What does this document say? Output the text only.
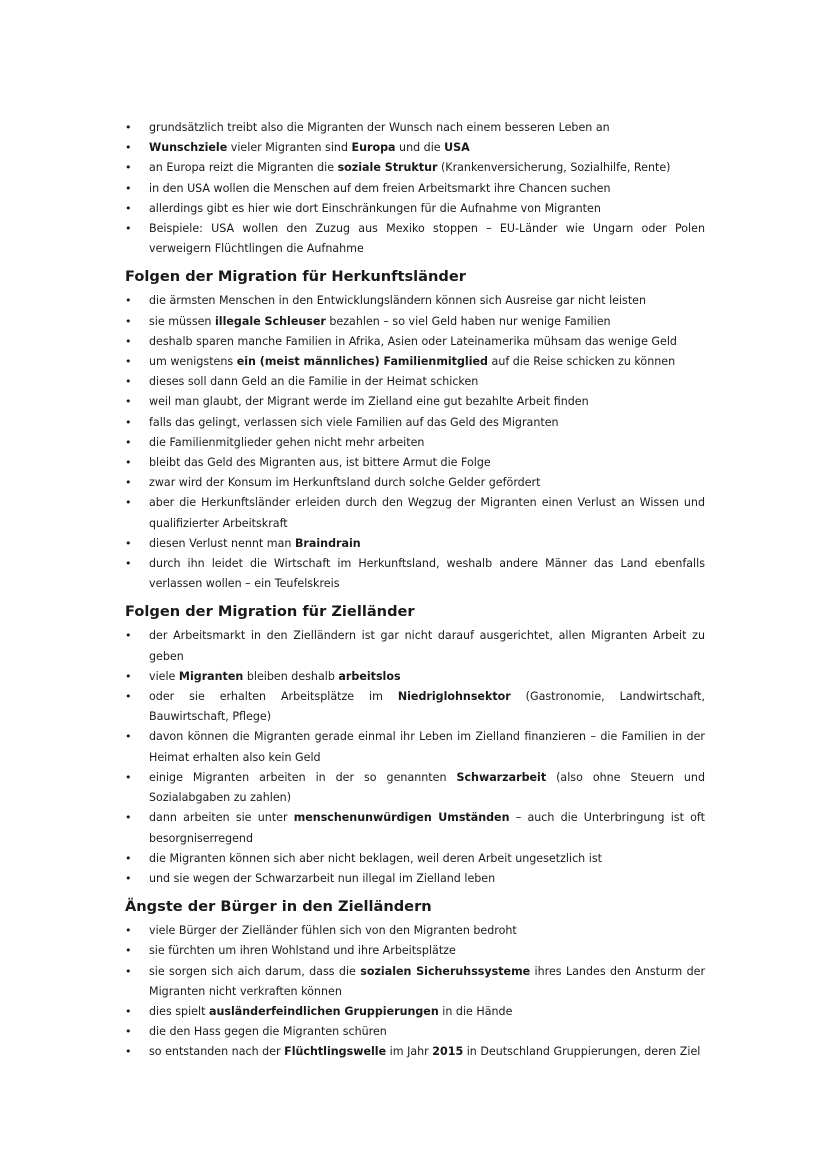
• grundsätzlich treibt also die Migranten der Wunsch nach einem besseren Leben an
• Wunschziele vieler Migranten sind Europa und die USA
• an Europa reizt die Migranten die soziale Struktur (Krankenversicherung, Sozialhilfe, Rente)
• in den USA wollen die Menschen auf dem freien Arbeitsmarkt ihre Chancen suchen
• allerdings gibt es hier wie dort Einschränkungen für die Aufnahme von Migranten
• Beispiele: USA wollen den Zuzug aus Mexiko stoppen – EU-Länder wie Ungarn oder Polen verweigern Flüchtlingen die Aufnahme
Folgen der Migration für Herkunftsländer
• die ärmsten Menschen in den Entwicklungsländern können sich Ausreise gar nicht leisten
• sie müssen illegale Schleuser bezahlen – so viel Geld haben nur wenige Familien
• deshalb sparen manche Familien in Afrika, Asien oder Lateinamerika mühsam das wenige Geld
• um wenigstens ein (meist männliches) Familienmitglied auf die Reise schicken zu können
• dieses soll dann Geld an die Familie in der Heimat schicken
• weil man glaubt, der Migrant werde im Zielland eine gut bezahlte Arbeit finden
• falls das gelingt, verlassen sich viele Familien auf das Geld des Migranten
• die Familienmitglieder gehen nicht mehr arbeiten
• bleibt das Geld des Migranten aus, ist bittere Armut die Folge
• zwar wird der Konsum im Herkunftsland durch solche Gelder gefördert
• aber die Herkunftsländer erleiden durch den Wegzug der Migranten einen Verlust an Wissen und qualifizierter Arbeitskraft
• diesen Verlust nennt man Braindrain
• durch ihn leidet die Wirtschaft im Herkunftsland, weshalb andere Männer das Land ebenfalls verlassen wollen – ein Teufelskreis
Folgen der Migration für Zielländer
• der Arbeitsmarkt in den Zielländern ist gar nicht darauf ausgerichtet, allen Migranten Arbeit zu geben
• viele Migranten bleiben deshalb arbeitslos
• oder sie erhalten Arbeitsplätze im Niedriglohnsektor (Gastronomie, Landwirtschaft, Bauwirtschaft, Pflege)
• davon können die Migranten gerade einmal ihr Leben im Zielland finanzieren – die Familien in der Heimat erhalten also kein Geld
• einige Migranten arbeiten in der so genannten Schwarzarbeit (also ohne Steuern und Sozialabgaben zu zahlen)
• dann arbeiten sie unter menschenunwürdigen Umständen – auch die Unterbringung ist oft besorgniserregend
• die Migranten können sich aber nicht beklagen, weil deren Arbeit ungesetzlich ist
• und sie wegen der Schwarzarbeit nun illegal im Zielland leben
Ängste der Bürger in den Zielländern
• viele Bürger der Zielländer fühlen sich von den Migranten bedroht
• sie fürchten um ihren Wohlstand und ihre Arbeitsplätze
• sie sorgen sich aich darum, dass die sozialen Sicheruhssysteme ihres Landes den Ansturm der Migranten nicht verkraften können
• dies spielt ausländerfeindlichen Gruppierungen in die Hände
• die den Hass gegen die Migranten schüren
• so entstanden nach der Flüchtlingswelle im Jahr 2015 in Deutschland Gruppierungen, deren Ziel
